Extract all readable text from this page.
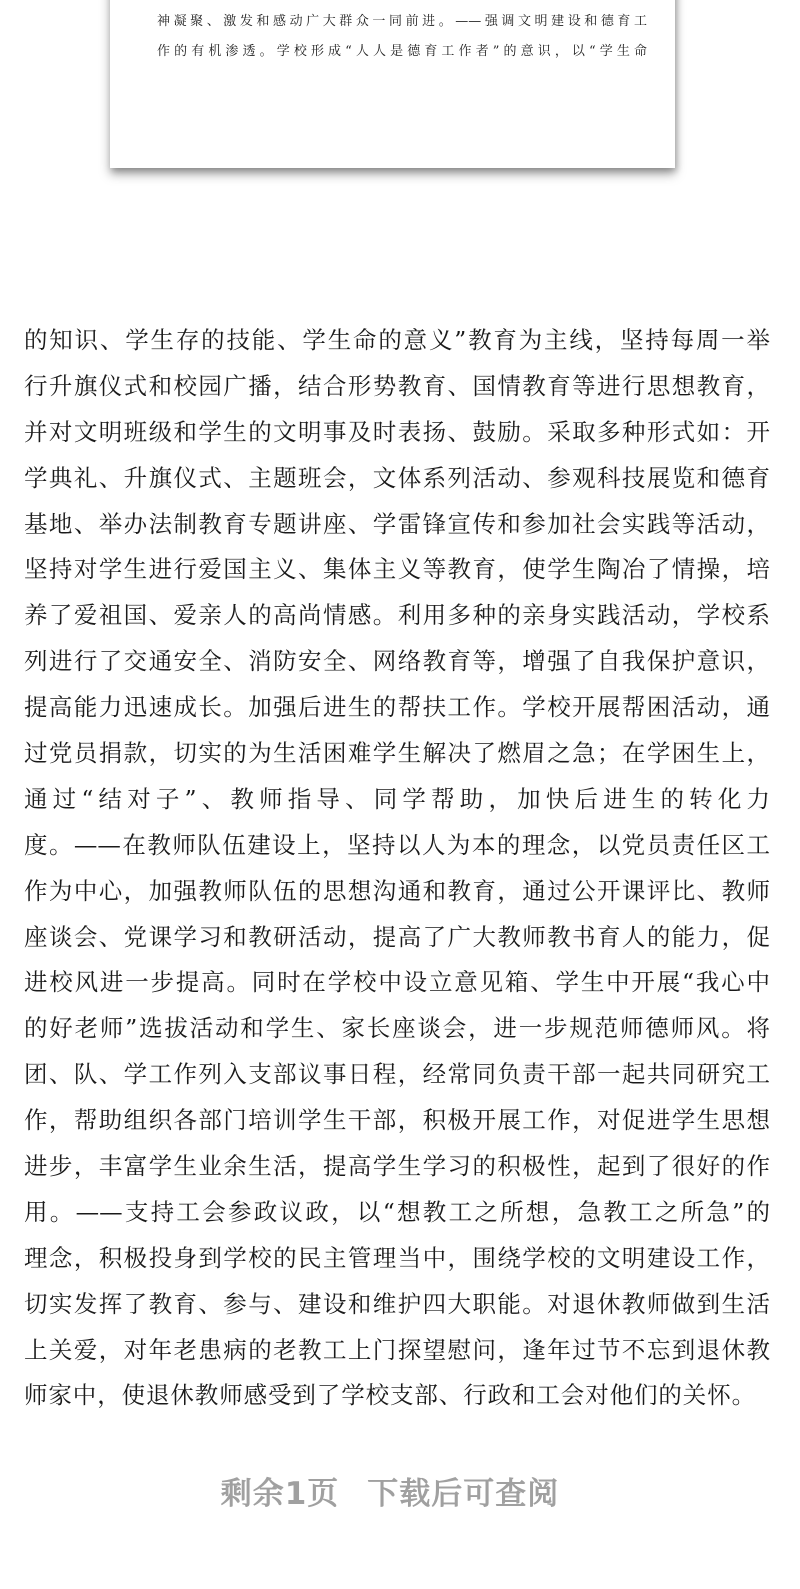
神凝聚、激发和感动广大群众一同前进。——强调文明建设和德育工
作的有机渗透。学校形成“人人是德育工作者”的意识，以“学生命
的知识、学生存的技能、学生命的意义”教育为主线，坚持每周一举
行升旗仪式和校园广播，结合形势教育、国情教育等进行思想教育，
并对文明班级和学生的文明事及时表扬、鼓励。采取多种形式如：开
学典礼、升旗仪式、主题班会，文体系列活动、参观科技展览和德育
基地、举办法制教育专题讲座、学雷锋宣传和参加社会实践等活动，
坚持对学生进行爱国主义、集体主义等教育，使学生陶冶了情操，培
养了爱祖国、爱亲人的高尚情感。利用多种的亲身实践活动，学校系
列进行了交通安全、消防安全、网络教育等，增强了自我保护意识，
提高能力迅速成长。加强后进生的帮扶工作。学校开展帮困活动，通
过党员捐款，切实的为生活困难学生解决了燃眉之急；在学困生上，
通过“结对子”、教师指导、同学帮助，加快后进生的转化力
度。——在教师队伍建设上，坚持以人为本的理念，以党员责任区工
作为中心，加强教师队伍的思想沟通和教育，通过公开课评比、教师
座谈会、党课学习和教研活动，提高了广大教师教书育人的能力，促
进校风进一步提高。同时在学校中设立意见箱、学生中开展“我心中
的好老师”选拔活动和学生、家长座谈会，进一步规范师德师风。将
团、队、学工作列入支部议事日程，经常同负责干部一起共同研究工
作，帮助组织各部门培训学生干部，积极开展工作，对促进学生思想
进步，丰富学生业余生活，提高学生学习的积极性，起到了很好的作
用。——支持工会参政议政，以“想教工之所想，急教工之所急”的
理念，积极投身到学校的民主管理当中，围绕学校的文明建设工作，
切实发挥了教育、参与、建设和维护四大职能。对退休教师做到生活
上关爱，对年老患病的老教工上门探望慰问，逢年过节不忘到退休教
师家中，使退休教师感受到了学校支部、行政和工会对他们的关怀。
剩余1页 下载后可查阅
